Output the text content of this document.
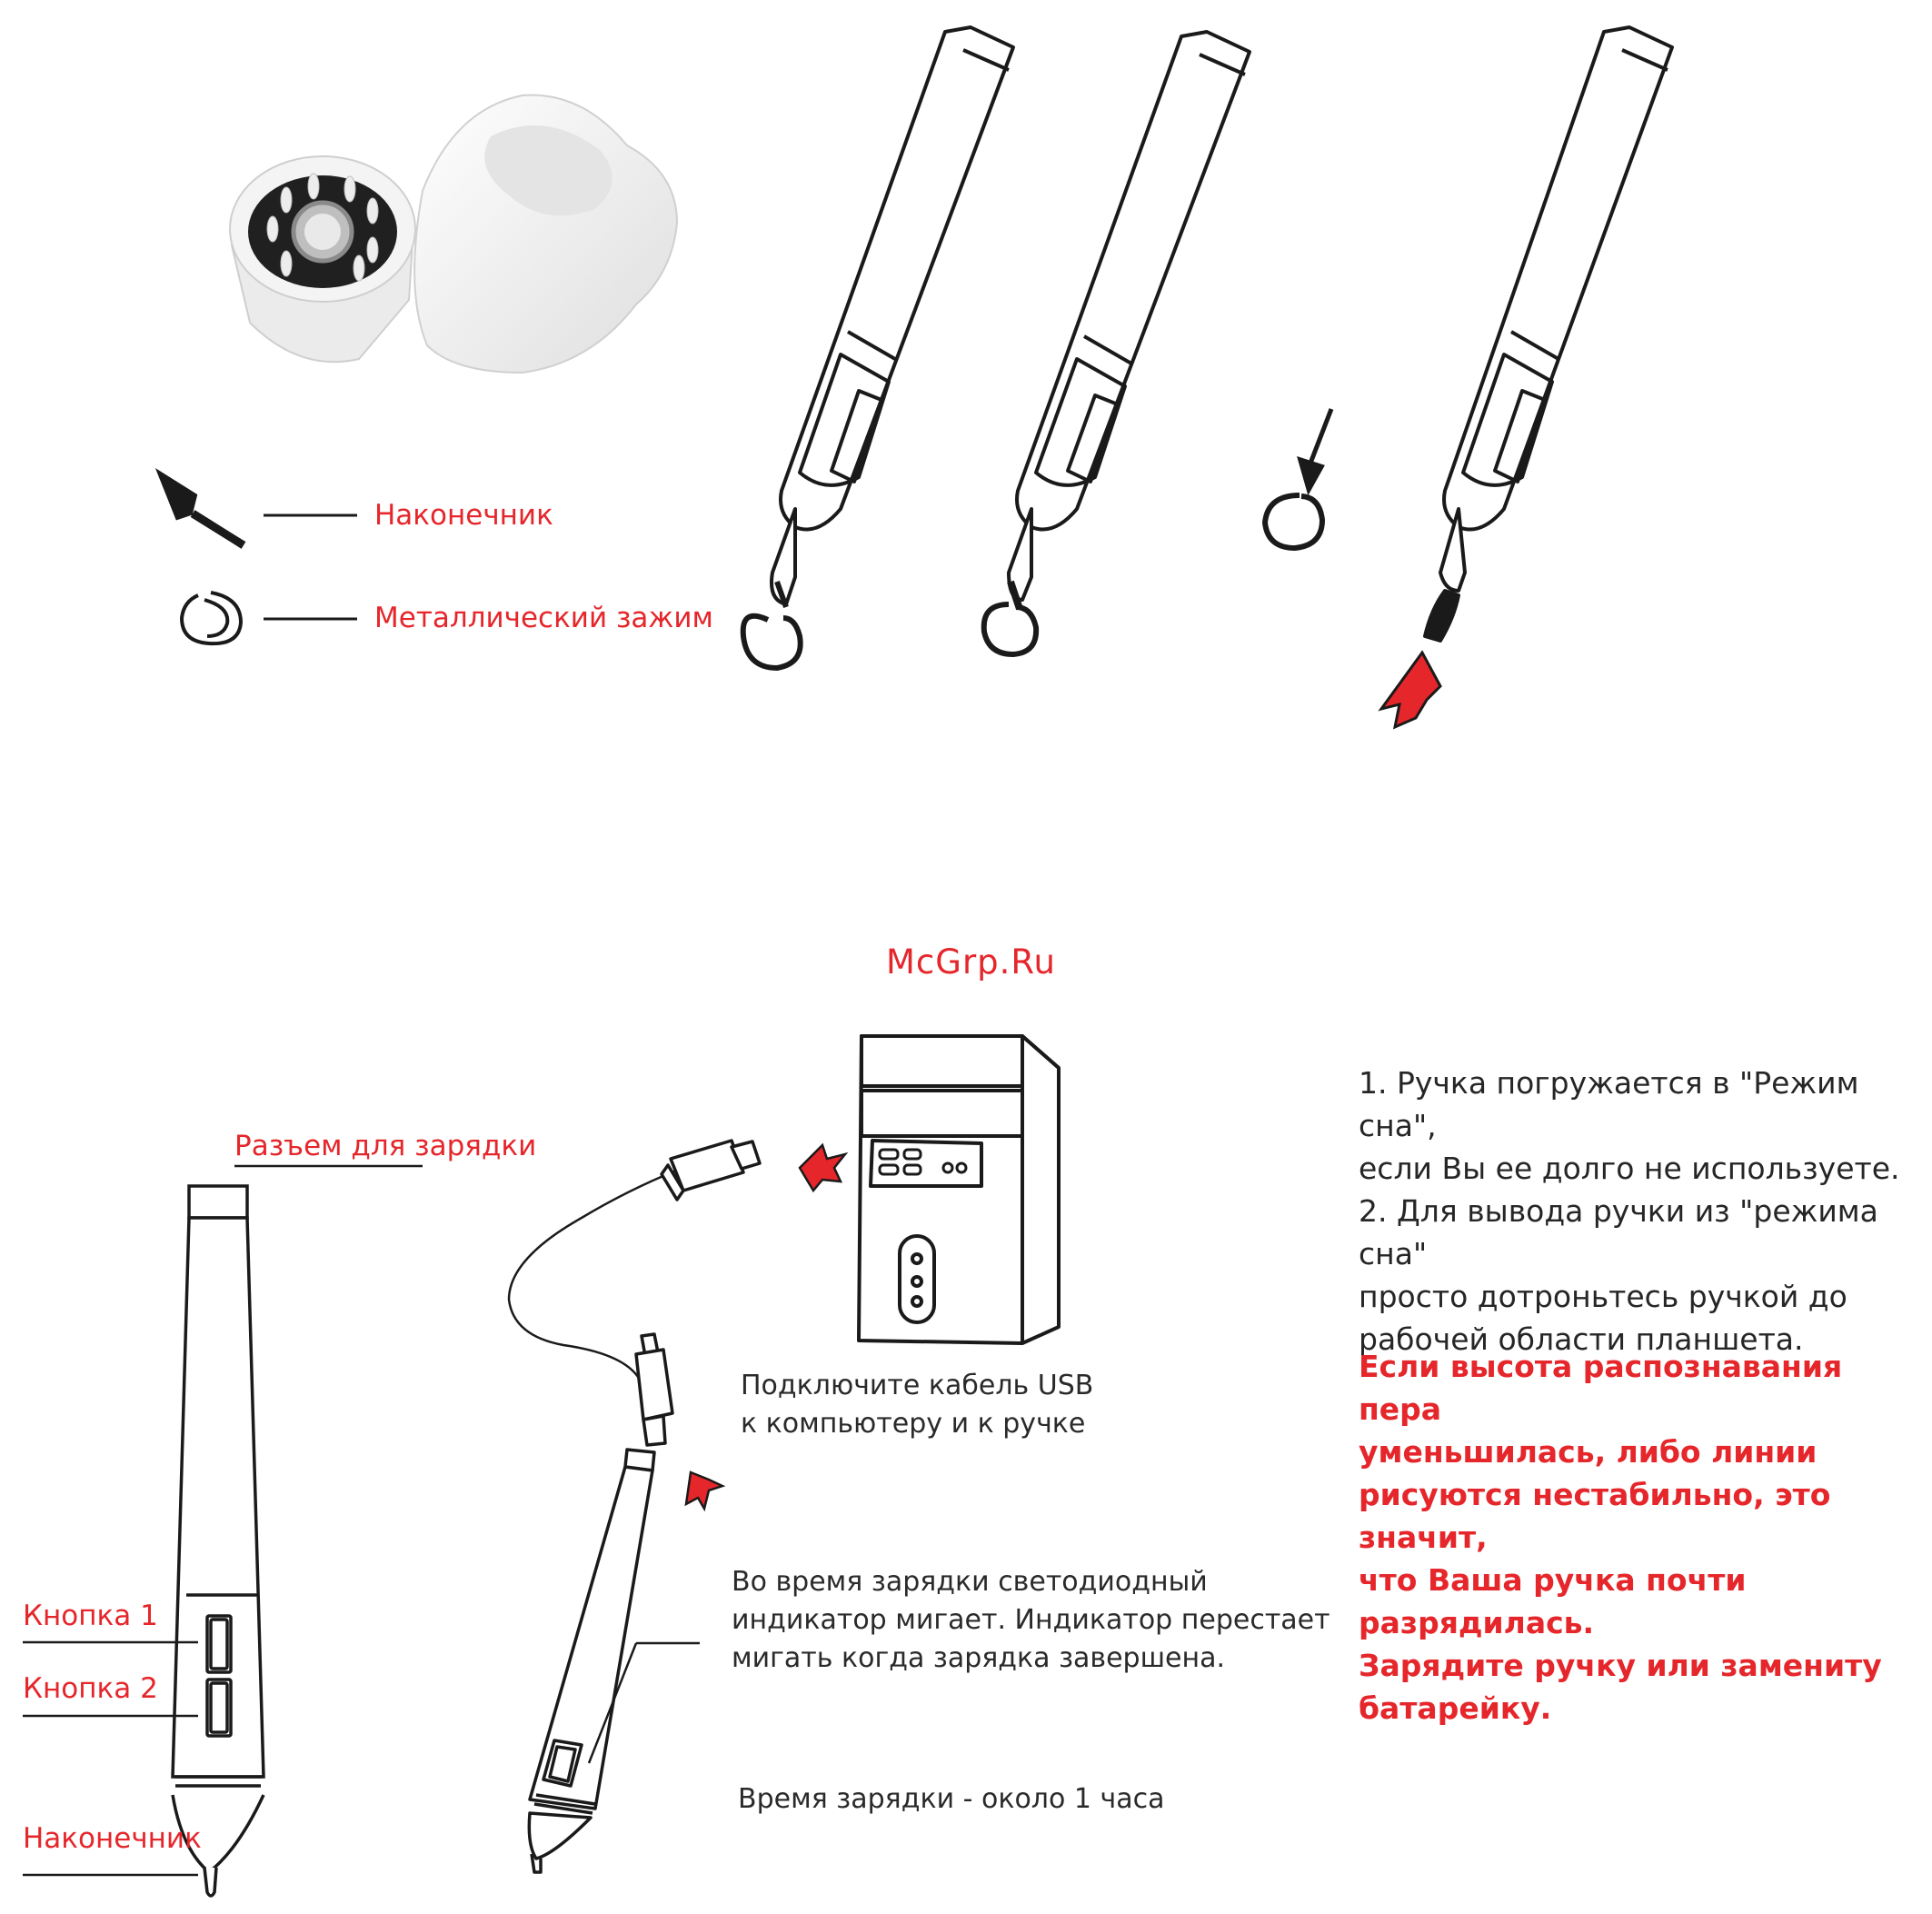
Наконечник
Металлический зажим
McGrp.Ru
Разъем для зарядки
Кнопка 1
Кнопка 2
Наконечник
Подключите кабель USB
к компьютеру и к ручке
Во время зарядки светодиодный
индикатор мигает. Индикатор перестает
мигать когда зарядка завершена.
Время зарядки - около 1 часа
1. Ручка погружается в "Режим сна",
если Вы ее долго не используете.
2. Для вывода ручки из "режима сна"
просто дотроньтесь ручкой до
рабочей области планшета.
Если высота распознавания пера
уменьшилась, либо линии
рисуются нестабильно, это значит,
что Ваша ручка почти разрядилась.
Зарядите ручку или замениту
батарейку.
